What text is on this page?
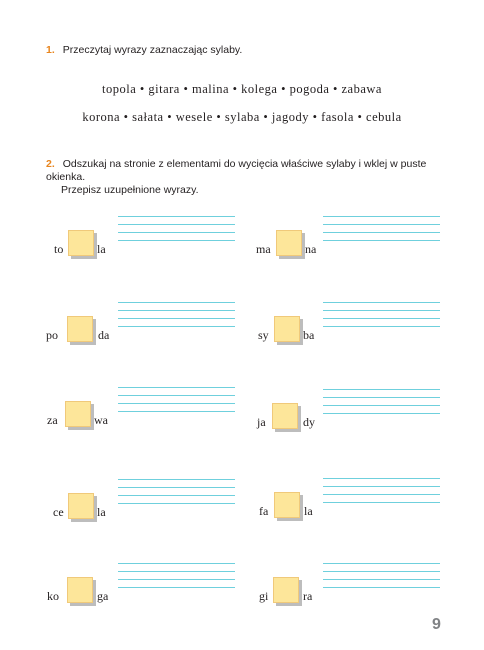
1. Przeczytaj wyrazy zaznaczając sylaby.
topola • gitara • malina • kolega • pogoda • zabawa
korona • sałata • wesele • sylaba • jagody • fasola • cebula
2. Odszukaj na stronie z elementami do wycięcia właściwe sylaby i wklej w puste okienka.
Przepisz uzupełnione wyrazy.
to	la
po	da
za	wa
ce	la
ko	ga
ma	na
sy	ba
ja	dy
fa	la
gi	ra
9
